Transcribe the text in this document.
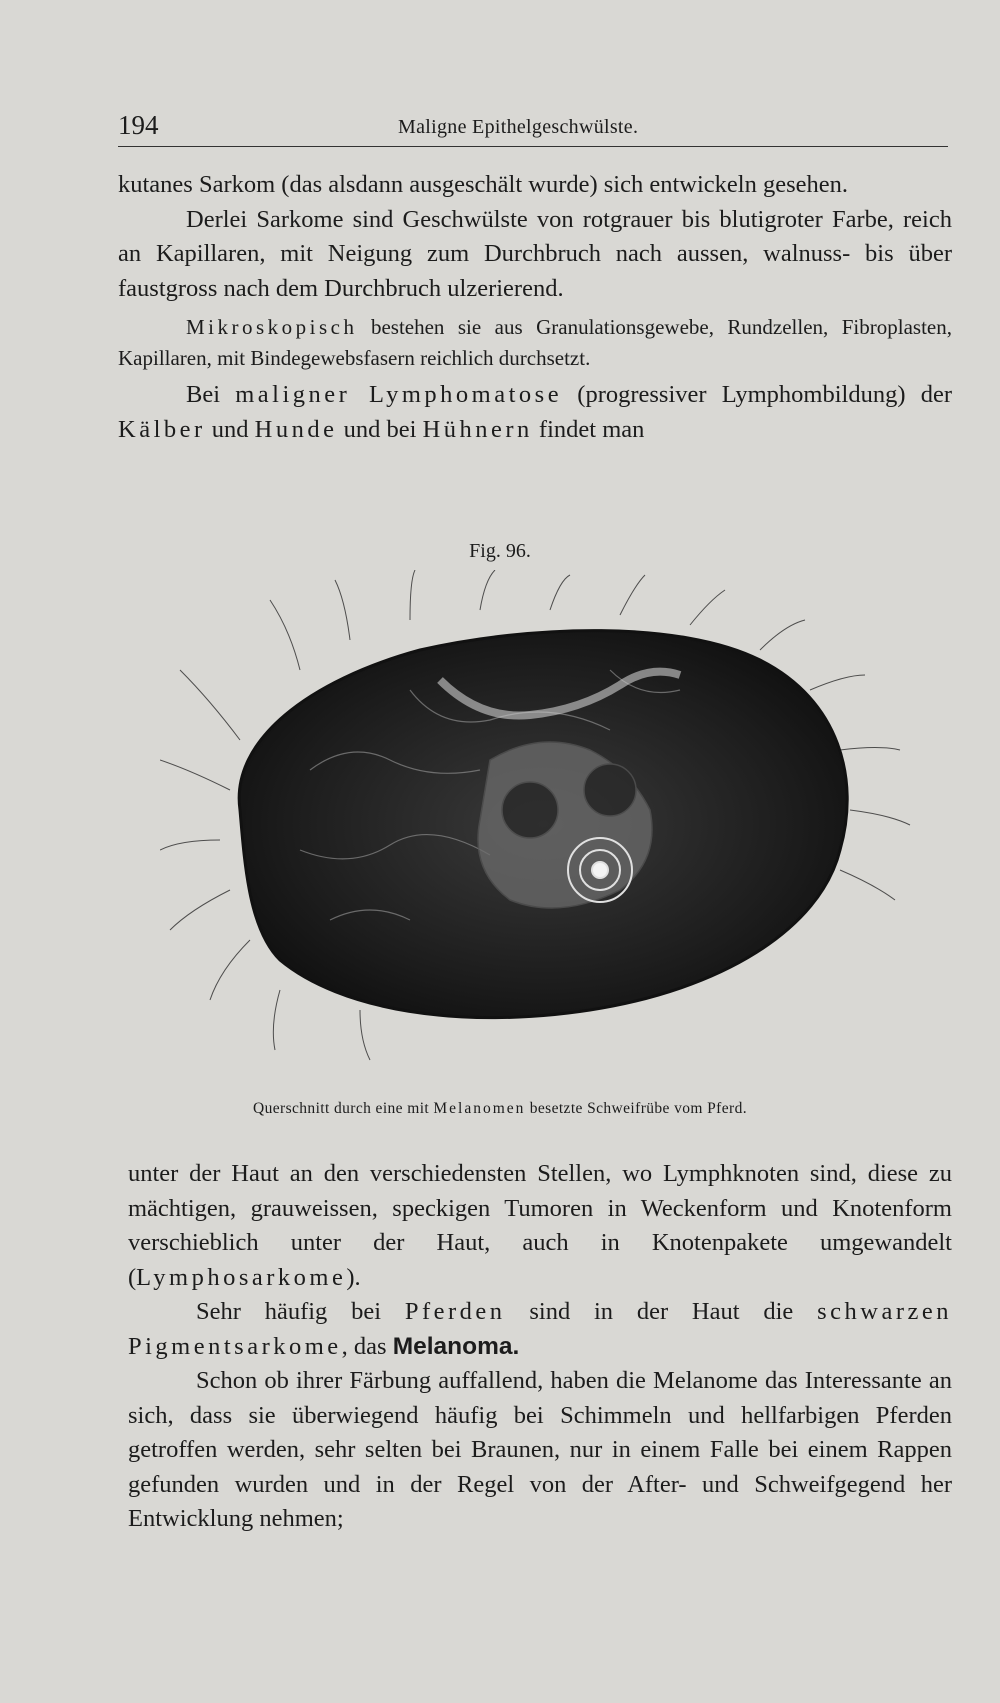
194	Maligne Epithelgeschwülste.

kutanes Sarkom (das alsdann ausgeschält wurde) sich entwickeln gesehen.

Derlei Sarkome sind Geschwülste von rotgrauer bis blutigroter Farbe, reich an Kapillaren, mit Neigung zum Durchbruch nach aussen, walnuss- bis über faustgross nach dem Durchbruch ulzerierend.

Mikroskopisch bestehen sie aus Granulationsgewebe, Rundzellen, Fibroplasten, Kapillaren, mit Bindegewebsfasern reichlich durchsetzt.

Bei maligner Lymphomatose (progressiver Lymphombildung) der Kälber und Hunde und bei Hühnern findet man

Fig. 96.
Querschnitt durch eine mit Melanomen besetzte Schweifrübe vom Pferd.

unter der Haut an den verschiedensten Stellen, wo Lymphknoten sind, diese zu mächtigen, grauweissen, speckigen Tumoren in Weckenform und Knotenform verschieblich unter der Haut, auch in Knotenpakete umgewandelt (Lymphosarkome).

Sehr häufig bei Pferden sind in der Haut die schwarzen Pigmentsarkome, das Melanoma.

Schon ob ihrer Färbung auffallend, haben die Melanome das Interessante an sich, dass sie überwiegend häufig bei Schimmeln und hellfarbigen Pferden getroffen werden, sehr selten bei Braunen, nur in einem Falle bei einem Rappen gefunden wurden und in der Regel von der After- und Schweifgegend her Entwicklung nehmen;
